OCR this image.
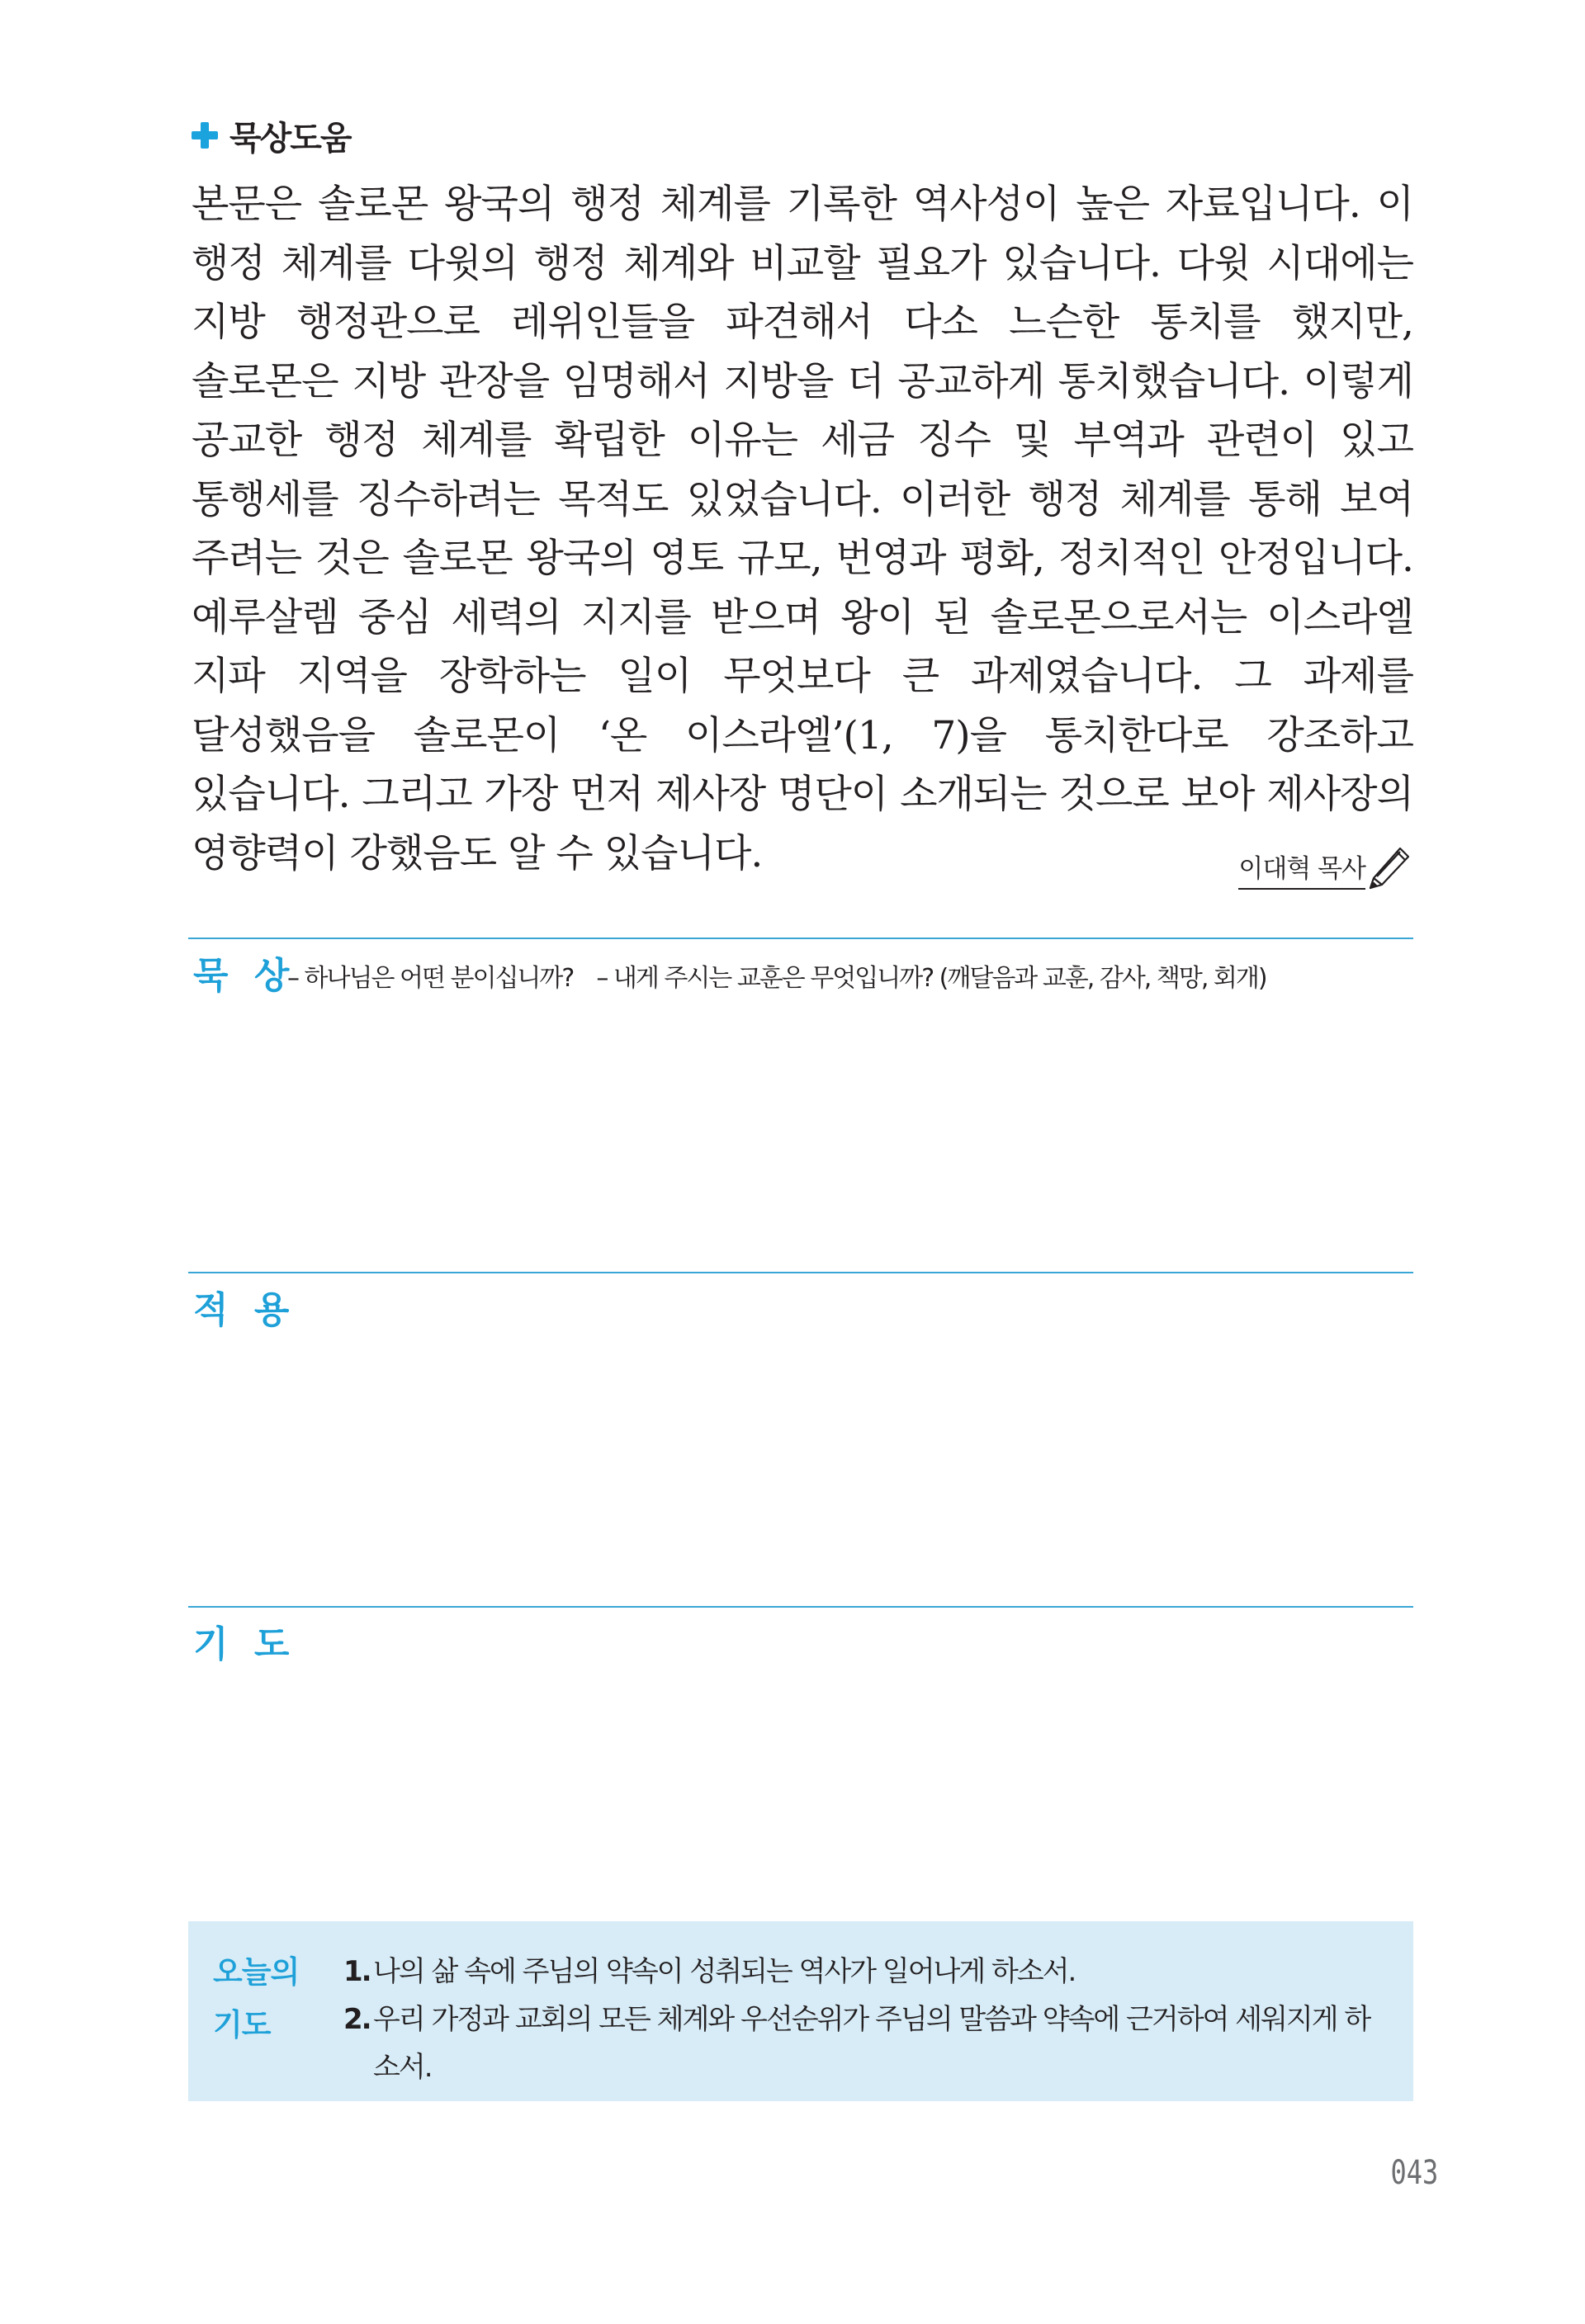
묵상도움

본문은 솔로몬 왕국의 행정 체계를 기록한 역사성이 높은 자료입니다. 이 행정 체계를 다윗의 행정 체계와 비교할 필요가 있습니다. 다윗 시대에는 지방 행정관으로 레위인들을 파견해서 다소 느슨한 통치를 했지만, 솔로몬은 지방 관장을 임명해서 지방을 더 공교하게 통치했습니다. 이렇게 공교한 행정 체계를 확립한 이유는 세금 징수 및 부역과 관련이 있고 통행세를 징수하려는 목적도 있었습니다. 이러한 행정 체계를 통해 보여 주려는 것은 솔로몬 왕국의 영토 규모, 번영과 평화, 정치적인 안정입니다. 예루살렘 중심 세력의 지지를 받으며 왕이 된 솔로몬으로서는 이스라엘 지파 지역을 장학하는 일이 무엇보다 큰 과제였습니다. 그 과제를 달성했음을 솔로몬이 ‘온 이스라엘’(1, 7)을 통치한다로 강조하고 있습니다. 그리고 가장 먼저 제사장 명단이 소개되는 것으로 보아 제사장의 영향력이 강했음도 알 수 있습니다.	이대혁 목사
묵 상
– 하나님은 어떤 분이십니까? – 내게 주시는 교훈은 무엇입니까? (깨달음과 교훈, 감사, 책망, 회개)
적 용
기 도
오늘의
기도
1. 나의 삶 속에 주님의 약속이 성취되는 역사가 일어나게 하소서.
2. 우리 가정과 교회의 모든 체계와 우선순위가 주님의 말씀과 약속에 근거하여 세워지게 하소서.
043
